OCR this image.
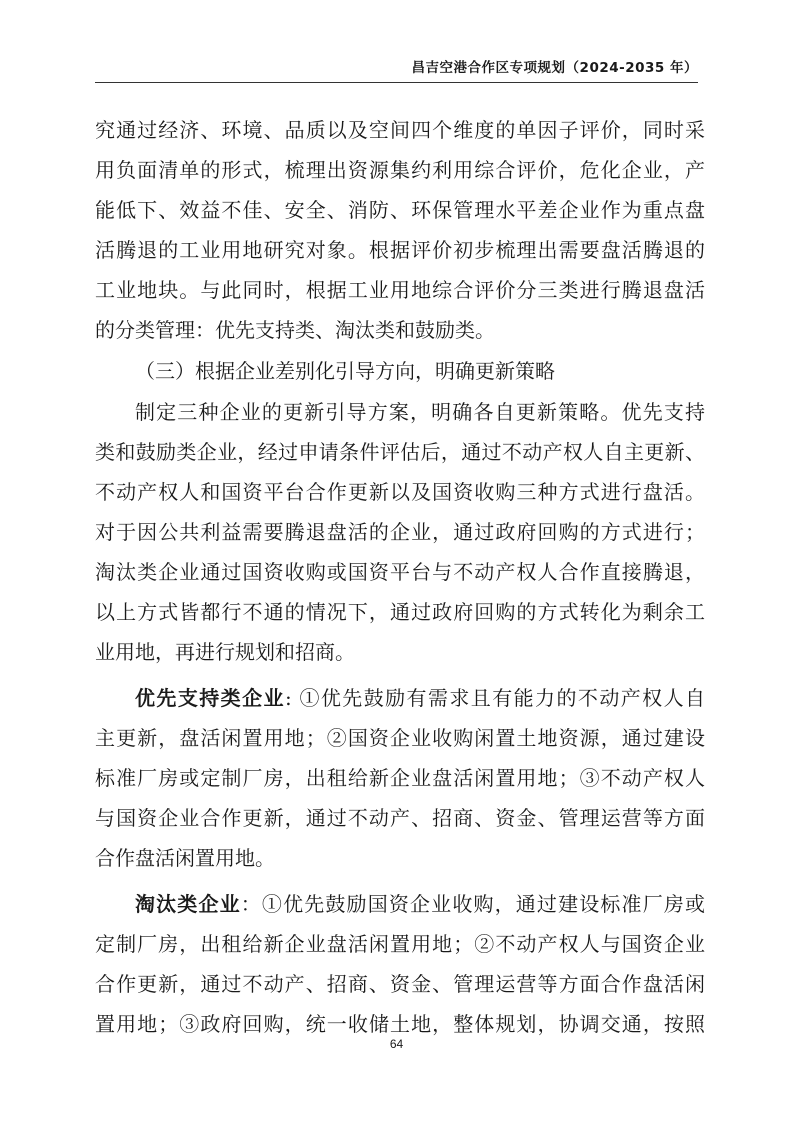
昌吉空港合作区专项规划（2024-2035 年）
究通过经济、环境、品质以及空间四个维度的单因子评价，同时采
用负面清单的形式，梳理出资源集约利用综合评价，危化企业，产
能低下、效益不佳、安全、消防、环保管理水平差企业作为重点盘
活腾退的工业用地研究对象。根据评价初步梳理出需要盘活腾退的
工业地块。与此同时，根据工业用地综合评价分三类进行腾退盘活
的分类管理：优先支持类、淘汰类和鼓励类。
（三）根据企业差别化引导方向，明确更新策略
制定三种企业的更新引导方案，明确各自更新策略。优先支持
类和鼓励类企业，经过申请条件评估后，通过不动产权人自主更新、
不动产权人和国资平台合作更新以及国资收购三种方式进行盘活。
对于因公共利益需要腾退盘活的企业，通过政府回购的方式进行；
淘汰类企业通过国资收购或国资平台与不动产权人合作直接腾退，
以上方式皆都行不通的情况下，通过政府回购的方式转化为剩余工
业用地，再进行规划和招商。
优先支持类企业: ①优先鼓励有需求且有能力的不动产权人自
主更新，盘活闲置用地；②国资企业收购闲置土地资源，通过建设
标准厂房或定制厂房，出租给新企业盘活闲置用地；③不动产权人
与国资企业合作更新，通过不动产、招商、资金、管理运营等方面
合作盘活闲置用地。
淘汰类企业：①优先鼓励国资企业收购，通过建设标准厂房或
定制厂房，出租给新企业盘活闲置用地；②不动产权人与国资企业
合作更新，通过不动产、招商、资金、管理运营等方面合作盘活闲
置用地；③政府回购，统一收储土地，整体规划，协调交通，按照
64
